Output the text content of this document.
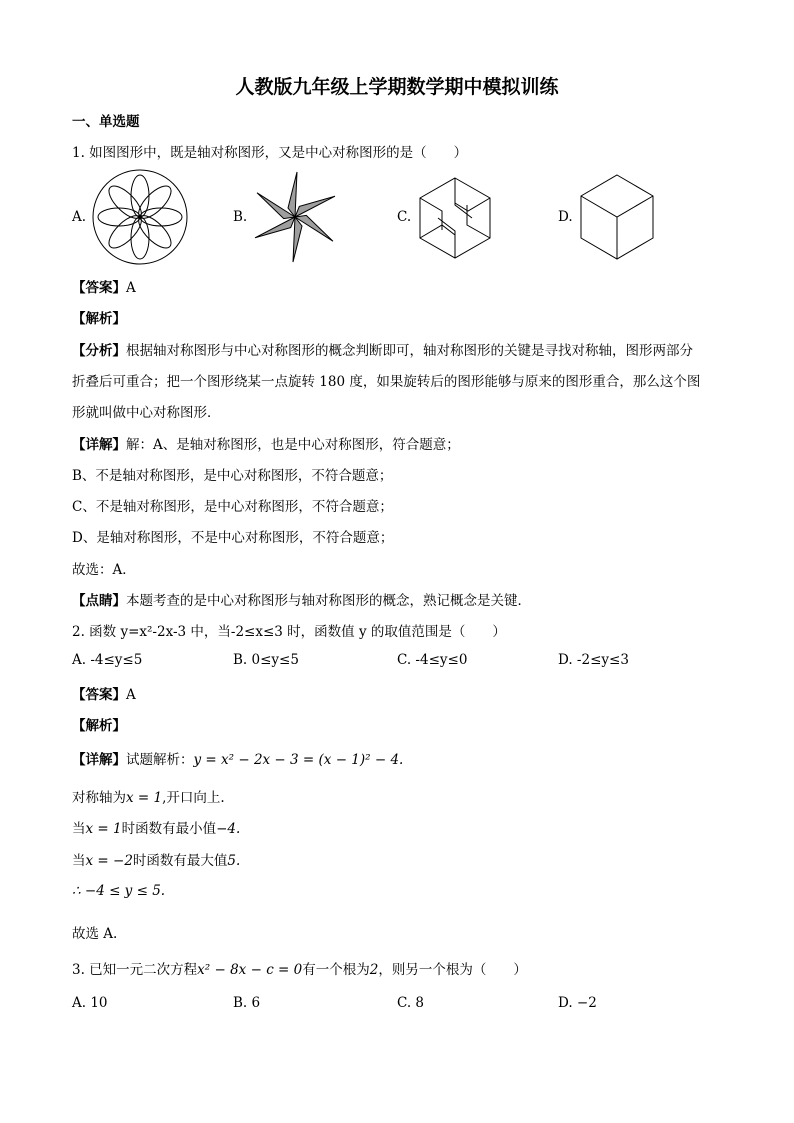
人教版九年级上学期数学期中模拟训练
一、单选题
1. 如图图形中，既是轴对称图形，又是中心对称图形的是（　　）
A.	B.	C.	D.
【答案】A
【解析】
【分析】根据轴对称图形与中心对称图形的概念判断即可，轴对称图形的关键是寻找对称轴，图形两部分
折叠后可重合；把一个图形绕某一点旋转 180 度，如果旋转后的图形能够与原来的图形重合，那么这个图
形就叫做中心对称图形．
【详解】解：A、是轴对称图形，也是中心对称图形，符合题意；
B、不是轴对称图形，是中心对称图形，不符合题意；
C、不是轴对称图形，是中心对称图形，不符合题意；
D、是轴对称图形，不是中心对称图形，不符合题意；
故选：A．
【点睛】本题考查的是中心对称图形与轴对称图形的概念，熟记概念是关键．
2. 函数 y=x²-2x-3 中，当-2≤x≤3 时，函数值 y 的取值范围是（　　）
A. -4≤y≤5	B. 0≤y≤5	C. -4≤y≤0	D. -2≤y≤3
【答案】A
【解析】
【详解】试题解析：y = x² − 2x − 3 = (x − 1)² − 4.
对称轴为x = 1,开口向上.
当x = 1时函数有最小值−4.
当x = −2时函数有最大值5.
∴ −4 ≤ y ≤ 5.
故选 A.
3. 已知一元二次方程x² − 8x − c = 0有一个根为2，则另一个根为（　　）
A. 10	B. 6	C. 8	D. −2
